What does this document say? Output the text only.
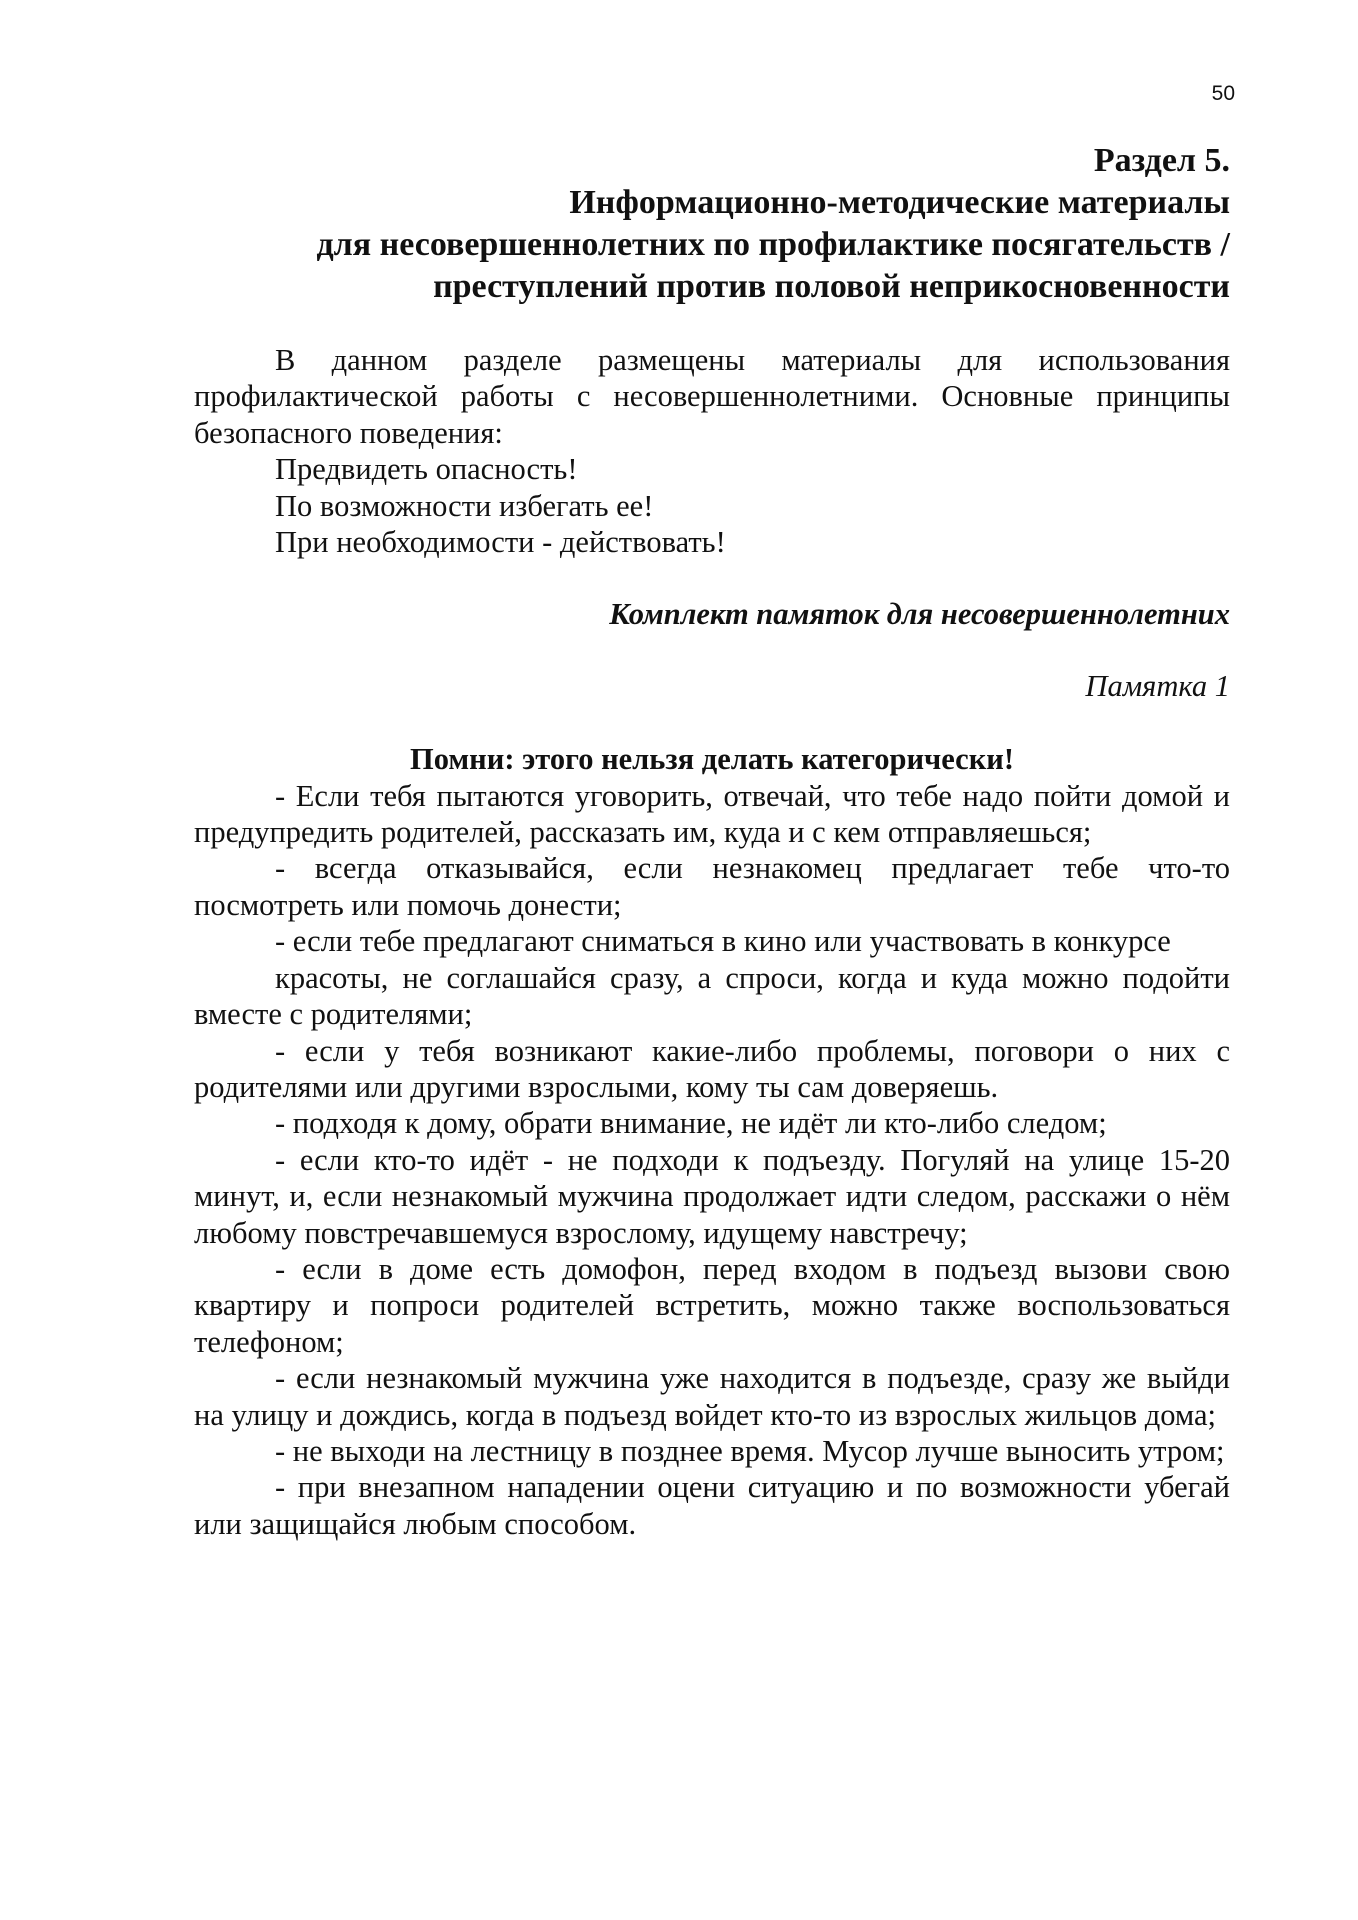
50
Раздел 5.
Информационно-методические материалы
для несовершеннолетних по профилактике посягательств /
преступлений против половой неприкосновенности

В данном разделе размещены материалы для использования профилактической работы с несовершеннолетними. Основные принципы безопасного поведения:

Предвидеть опасность!

По возможности избегать ее!

При необходимости - действовать!

Комплект памяток для несовершеннолетних
Памятка 1
Помни: этого нельзя делать категорически!

- Если тебя пытаются уговорить, отвечай, что тебе надо пойти домой и предупредить родителей, рассказать им, куда и с кем отправляешься;

- всегда отказывайся, если незнакомец предлагает тебе что-то посмотреть или помочь донести;

- если тебе предлагают сниматься в кино или участвовать в конкурсе

красоты, не соглашайся сразу, а спроси, когда и куда можно подойти вместе с родителями;

- если у тебя возникают какие-либо проблемы, поговори о них с родителями или другими взрослыми, кому ты сам доверяешь.

- подходя к дому, обрати внимание, не идёт ли кто-либо следом;

- если кто-то идёт - не подходи к подъезду. Погуляй на улице 15-20 минут, и, если незнакомый мужчина продолжает идти следом, расскажи о нём любому повстречавшемуся взрослому, идущему навстречу;

- если в доме есть домофон, перед входом в подъезд вызови свою квартиру и попроси родителей встретить, можно также воспользоваться телефоном;

- если незнакомый мужчина уже находится в подъезде, сразу же выйди на улицу и дождись, когда в подъезд войдет кто-то из взрослых жильцов дома;

- не выходи на лестницу в позднее время. Мусор лучше выносить утром;

- при внезапном нападении оцени ситуацию и по возможности убегай или защищайся любым способом.
